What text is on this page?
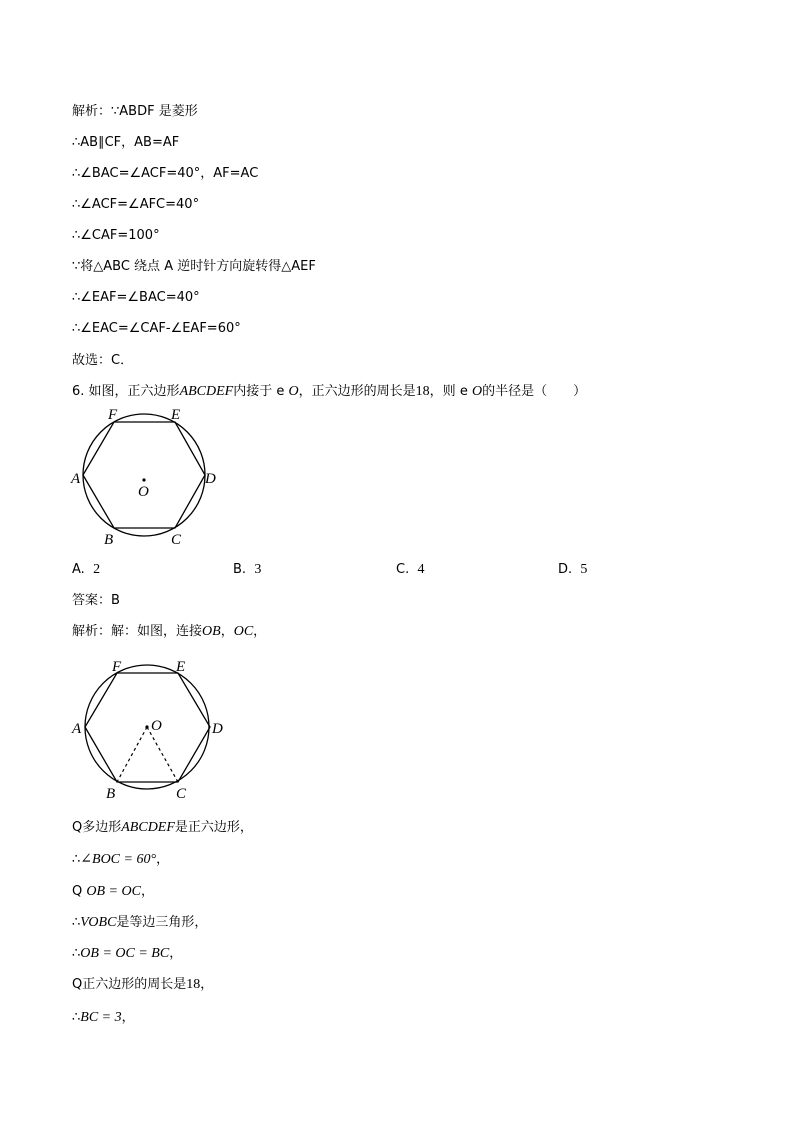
解析：∵ABDF 是菱形
∴AB∥CF，AB=AF
∴∠BAC=∠ACF=40°，AF=AC
∴∠ACF=∠AFC=40°
∴∠CAF=100°
∵将△ABC 绕点 A 逆时针方向旋转得△AEF
∴∠EAF=∠BAC=40°
∴∠EAC=∠CAF-∠EAF=60°
故选：C．
6. 如图，正六边形ABCDEF内接于 e O，正六边形的周长是18，则 e O的半径是（　　）
F	E
A	D
O
B	C
A. 2	B. 3	C. 4	D. 5
答案：B
解析：解：如图，连接OB，OC，
F	E
A	D
O
B	C
Q多边形ABCDEF是正六边形，
∴∠BOC = 60°，
Q OB = OC，
∴VOBC是等边三角形，
∴OB = OC = BC，
Q正六边形的周长是18，
∴BC = 3，
